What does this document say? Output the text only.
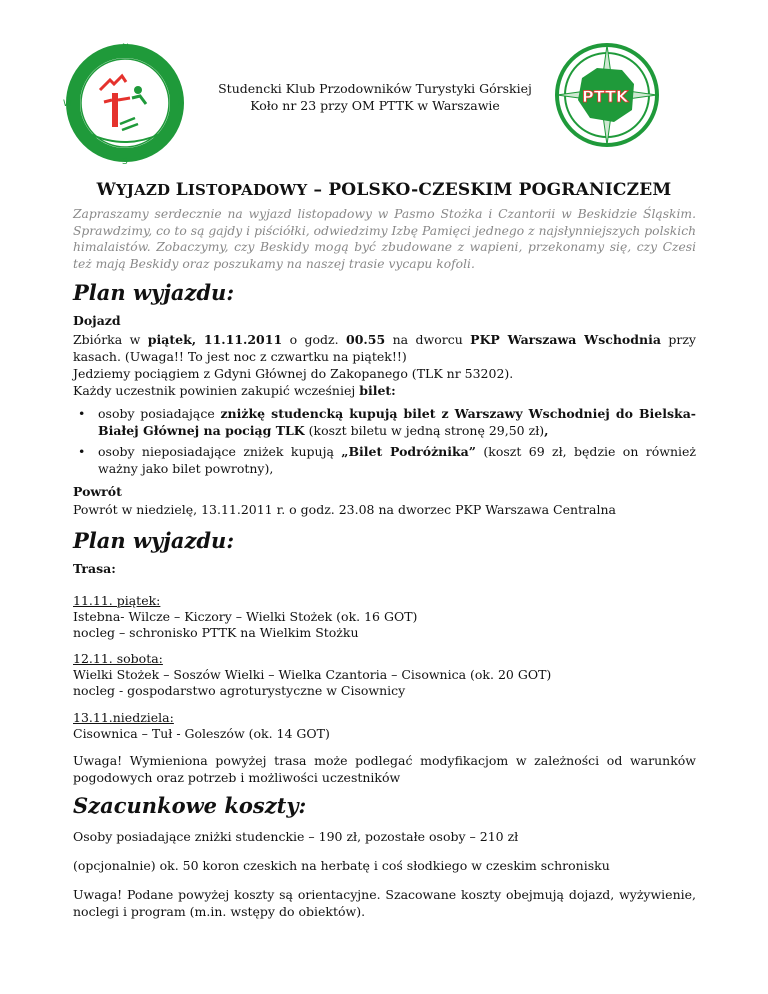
N
S
E
W
Studencki Klub Przodowników Turystyki Górskiej
Koło nr 23 przy OM PTTK w Warszawie	PTTK
WYJAZD LISTOPADOWY – POLSKO-CZESKIM POGRANICZEM
Zapraszamy serdecznie na wyjazd listopadowy w Pasmo Stożka i Czantorii w Beskidzie Śląskim. Sprawdzimy, co to są gajdy i piściółki, odwiedzimy Izbę Pamięci jednego z najsłynniejszych polskich himalaistów. Zobaczymy, czy Beskidy mogą być zbudowane z wapieni, przekonamy się, czy Czesi też mają Beskidy oraz poszukamy na naszej trasie vycapu kofoli.
Plan wyjazdu:
Dojazd
Zbiórka w piątek, 11.11.2011 o godz. 00.55 na dworcu PKP Warszawa Wschodnia przy kasach. (Uwaga!! To jest noc z czwartku na piątek!!)
Jedziemy pociągiem z Gdyni Głównej do Zakopanego (TLK nr 53202).
Każdy uczestnik powinien zakupić wcześniej bilet:
• osoby posiadające zniżkę studencką kupują bilet z Warszawy Wschodniej do Bielska-Białej Głównej na pociąg TLK (koszt biletu w jedną stronę 29,50 zł),
• osoby nieposiadające zniżek kupują „Bilet Podróżnika” (koszt 69 zł, będzie on również ważny jako bilet powrotny),
Powrót
Powrót w niedzielę, 13.11.2011 r. o godz. 23.08 na dworzec PKP Warszawa Centralna
Plan wyjazdu:
Trasa:
11.11. piątek:
Istebna- Wilcze – Kiczory – Wielki Stożek (ok. 16 GOT)
nocleg – schronisko PTTK na Wielkim Stożku
12.11. sobota:
Wielki Stożek – Soszów Wielki – Wielka Czantoria – Cisownica (ok. 20 GOT)
nocleg - gospodarstwo agroturystyczne w Cisownicy
13.11.niedziela:
Cisownica – Tuł - Goleszów (ok. 14 GOT)
Uwaga! Wymieniona powyżej trasa może podlegać modyfikacjom w zależności od warunków pogodowych oraz potrzeb i możliwości uczestników
Szacunkowe koszty:
Osoby posiadające zniżki studenckie – 190 zł, pozostałe osoby – 210 zł
(opcjonalnie) ok. 50 koron czeskich na herbatę i coś słodkiego w czeskim schronisku
Uwaga! Podane powyżej koszty są orientacyjne. Szacowane koszty obejmują dojazd, wyżywienie, noclegi i program (m.in. wstępy do obiektów).
